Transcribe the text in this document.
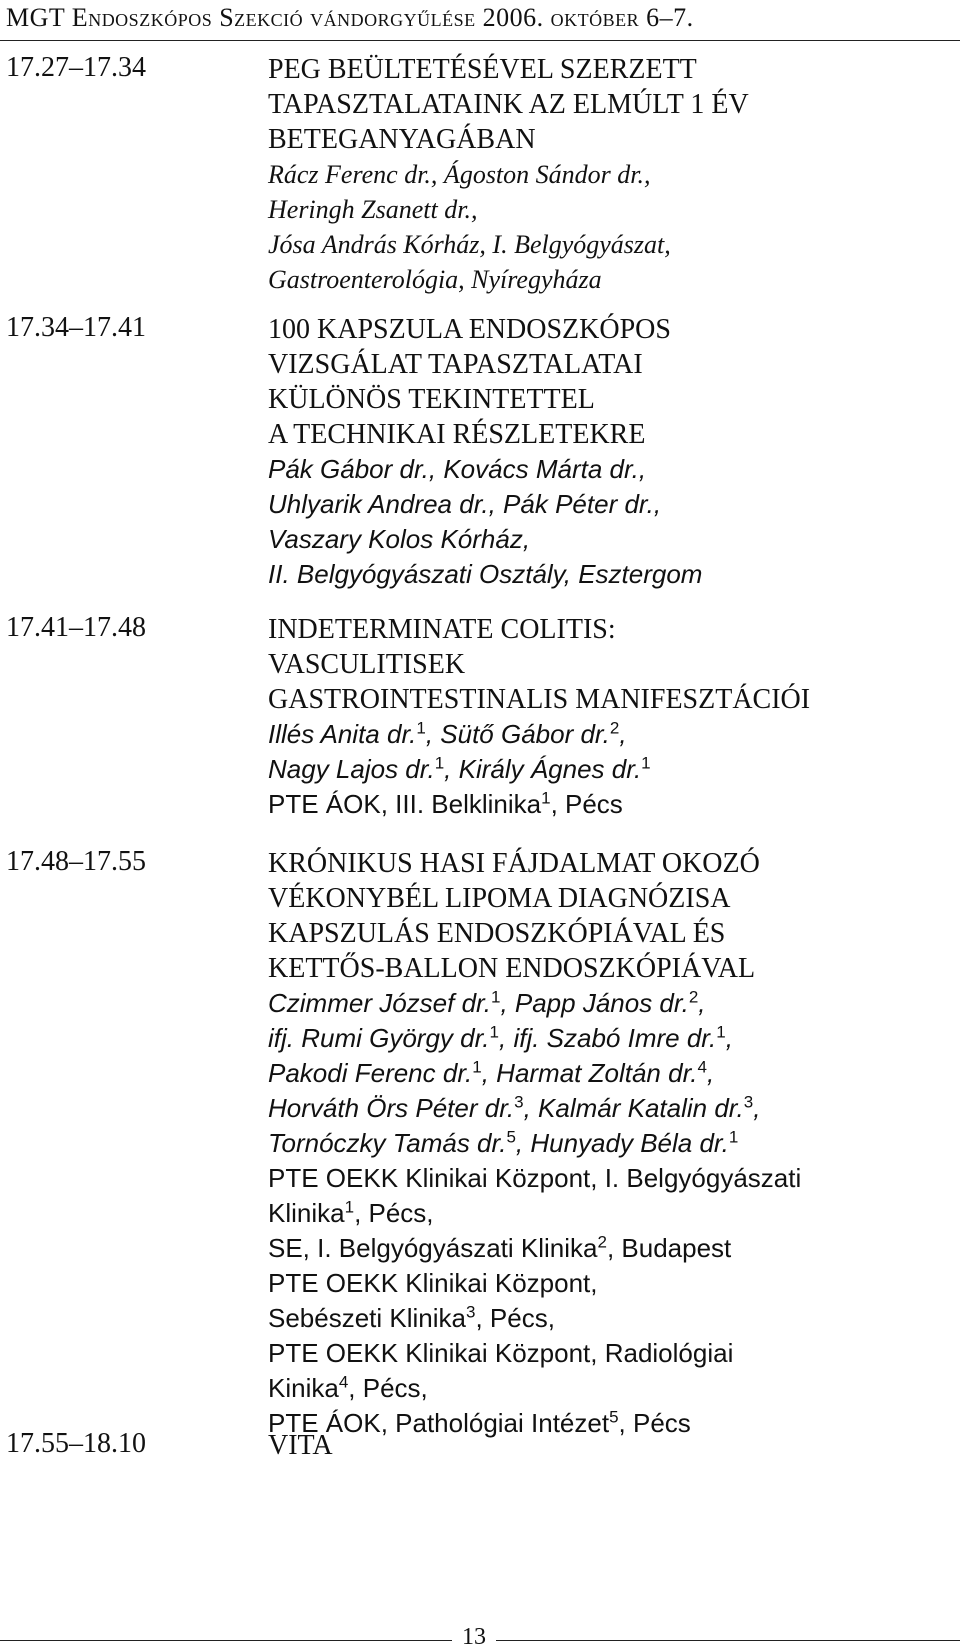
MGT Endoszkópos Szekció vándorgyűlése 2006. október 6–7.
17.27–17.34	PEG BEÜLTETÉSÉVEL SZERZETT
TAPASZTALATAINK AZ ELMÚLT 1 ÉV
BETEGANYAGÁBAN
Rácz Ferenc dr., Ágoston Sándor dr.,
Heringh Zsanett dr.,
Jósa András Kórház, I. Belgyógyászat,
Gastroenterológia, Nyíregyháza
17.34–17.41	100 KAPSZULA ENDOSZKÓPOS
VIZSGÁLAT TAPASZTALATAI
KÜLÖNÖS TEKINTETTEL
A TECHNIKAI RÉSZLETEKRE
Pák Gábor dr., Kovács Márta dr.,
Uhlyarik Andrea dr., Pák Péter dr.,
Vaszary Kolos Kórház,
II. Belgyógyászati Osztály, Esztergom
17.41–17.48	INDETERMINATE COLITIS:
VASCULITISEK
GASTROINTESTINALIS MANIFESZTÁCIÓI
Illés Anita dr.$^1$, Sütő Gábor dr.$^2$,
Nagy Lajos dr.$^1$, Király Ágnes dr.$^1$
PTE ÁOK, III. Belklinika$^1$, Pécs
17.48–17.55	KRÓNIKUS HASI FÁJDALMAT OKOZÓ
VÉKONYBÉL LIPOMA DIAGNÓZISA
KAPSZULÁS ENDOSZKÓPIÁVAL ÉS
KETTŐS-BALLON ENDOSZKÓPIÁVAL
Czimmer József dr.$^1$, Papp János dr.$^2$,
ifj. Rumi György dr.$^1$, ifj. Szabó Imre dr.$^1$,
Pakodi Ferenc dr.$^1$, Harmat Zoltán dr.$^4$,
Horváth Örs Péter dr.$^3$, Kalmár Katalin dr.$^3$,
Tornóczky Tamás dr.$^5$, Hunyady Béla dr.$^1$
PTE OEKK Klinikai Központ, I. Belgyógyászati
Klinika$^1$, Pécs,
SE, I. Belgyógyászati Klinika$^2$, Budapest
PTE OEKK Klinikai Központ,
Sebészeti Klinika$^3$, Pécs,
PTE OEKK Klinikai Központ, Radiológiai
Kinika$^4$, Pécs,
PTE ÁOK, Pathológiai Intézet$^5$, Pécs
17.55–18.10	VITA
13
